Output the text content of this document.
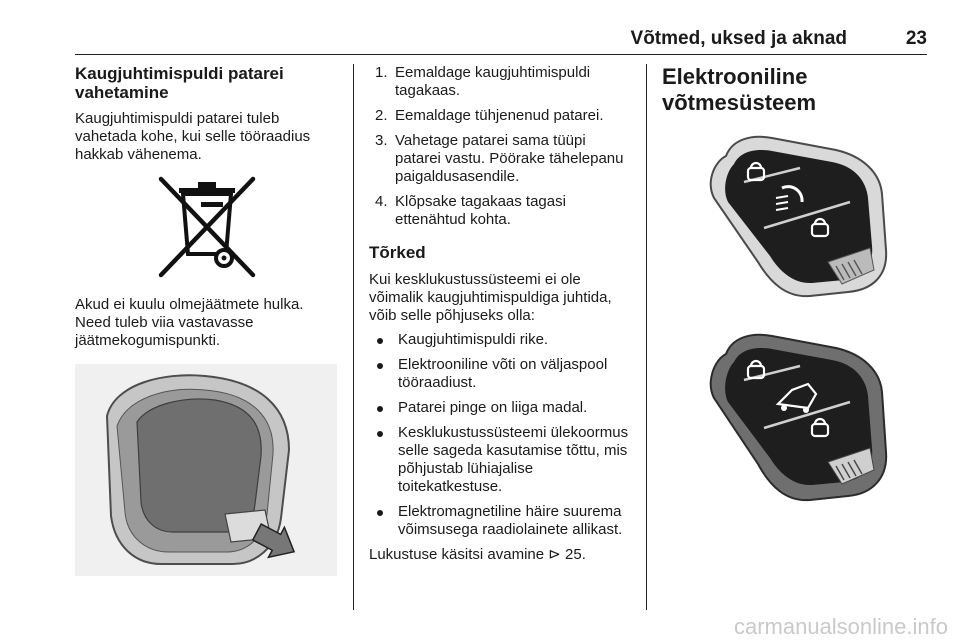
Võtmed, uksed ja aknad	23
Kaugjuhtimispuldi patarei vahetamine

Kaugjuhtimispuldi patarei tuleb vahetada kohe, kui selle tööraadius hakkab vähenema.

Akud ei kuulu olmejäätmete hulka. Need tuleb viia vastavasse jäätmekogumispunkti.

1. Eemaldage kaugjuhtimispuldi tagakaas.
2. Eemaldage tühjenenud patarei.
3. Vahetage patarei sama tüüpi patarei vastu. Pöörake tähelepanu paigaldusasendile.
4. Klõpsake tagakaas tagasi ettenähtud kohta.
Tõrked

Kui kesklukustussüsteemi ei ole võimalik kaugjuhtimispuldiga juhtida, võib selle põhjuseks olla:

Kaugjuhtimispuldi rike.
Elektrooniline võti on väljaspool tööraadiust.
Patarei pinge on liiga madal.
Kesklukustussüsteemi ülekoormus selle sageda kasutamise tõttu, mis põhjustab lühiajalise toitekatkestuse.
Elektromagnetiline häire suurema võimsusega raadiolainete allikast.

Lukustuse käsitsi avamine ⊳ 25.

Elektrooniline võtmesüsteem
carmanualsonline.info
